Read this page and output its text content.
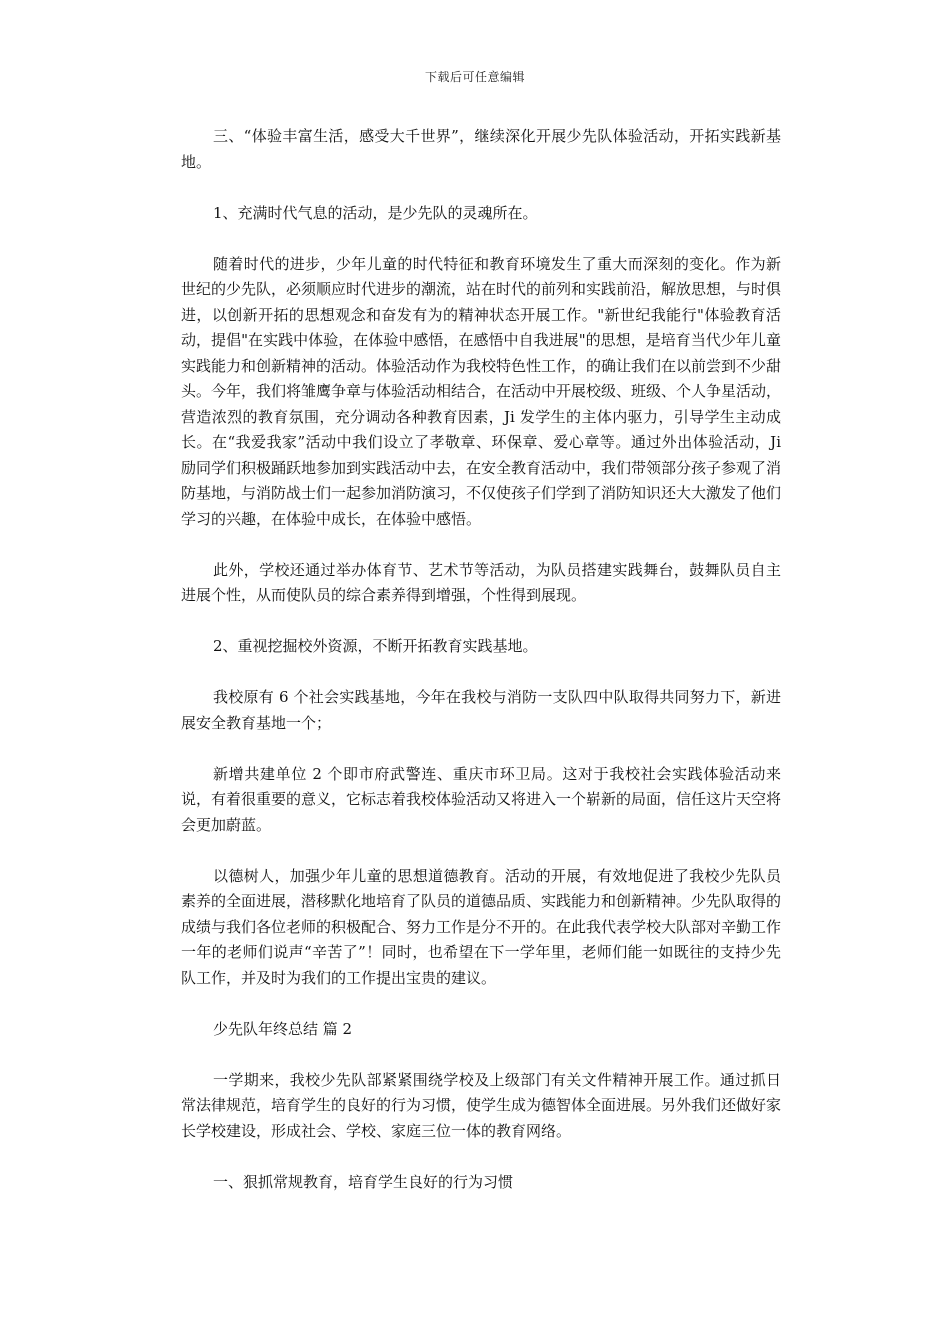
下载后可任意编辑

三、“体验丰富生活，感受大千世界”，继续深化开展少先队体验活动，开拓实践新基地。

1、充满时代气息的活动，是少先队的灵魂所在。

随着时代的进步，少年儿童的时代特征和教育环境发生了重大而深刻的变化。作为新世纪的少先队，必须顺应时代进步的潮流，站在时代的前列和实践前沿，解放思想，与时俱进，以创新开拓的思想观念和奋发有为的精神状态开展工作。"新世纪我能行"体验教育活动，提倡"在实践中体验，在体验中感悟，在感悟中自我进展"的思想，是培育当代少年儿童实践能力和创新精神的活动。体验活动作为我校特色性工作，的确让我们在以前尝到不少甜头。今年，我们将雏鹰争章与体验活动相结合，在活动中开展校级、班级、个人争星活动，营造浓烈的教育氛围，充分调动各种教育因素，Ji 发学生的主体内驱力，引导学生主动成长。在“我爱我家”活动中我们设立了孝敬章、环保章、爱心章等。通过外出体验活动，Ji 励同学们积极踊跃地参加到实践活动中去，在安全教育活动中，我们带领部分孩子参观了消防基地，与消防战士们一起参加消防演习，不仅使孩子们学到了消防知识还大大激发了他们学习的兴趣，在体验中成长，在体验中感悟。

此外，学校还通过举办体育节、艺术节等活动，为队员搭建实践舞台，鼓舞队员自主进展个性，从而使队员的综合素养得到增强，个性得到展现。

2、重视挖掘校外资源，不断开拓教育实践基地。

我校原有 6 个社会实践基地，今年在我校与消防一支队四中队取得共同努力下，新进展安全教育基地一个；

新增共建单位 2 个即市府武警连、重庆市环卫局。这对于我校社会实践体验活动来说，有着很重要的意义，它标志着我校体验活动又将进入一个崭新的局面，信任这片天空将会更加蔚蓝。

以德树人，加强少年儿童的思想道德教育。活动的开展，有效地促进了我校少先队员素养的全面进展，潜移默化地培育了队员的道德品质、实践能力和创新精神。少先队取得的成绩与我们各位老师的积极配合、努力工作是分不开的。在此我代表学校大队部对辛勤工作一年的老师们说声“辛苦了”！同时，也希望在下一学年里，老师们能一如既往的支持少先队工作，并及时为我们的工作提出宝贵的建议。

少先队年终总结 篇 2

一学期来，我校少先队部紧紧围绕学校及上级部门有关文件精神开展工作。通过抓日常法律规范，培育学生的良好的行为习惯，使学生成为德智体全面进展。另外我们还做好家长学校建设，形成社会、学校、家庭三位一体的教育网络。

一、狠抓常规教育，培育学生良好的行为习惯
